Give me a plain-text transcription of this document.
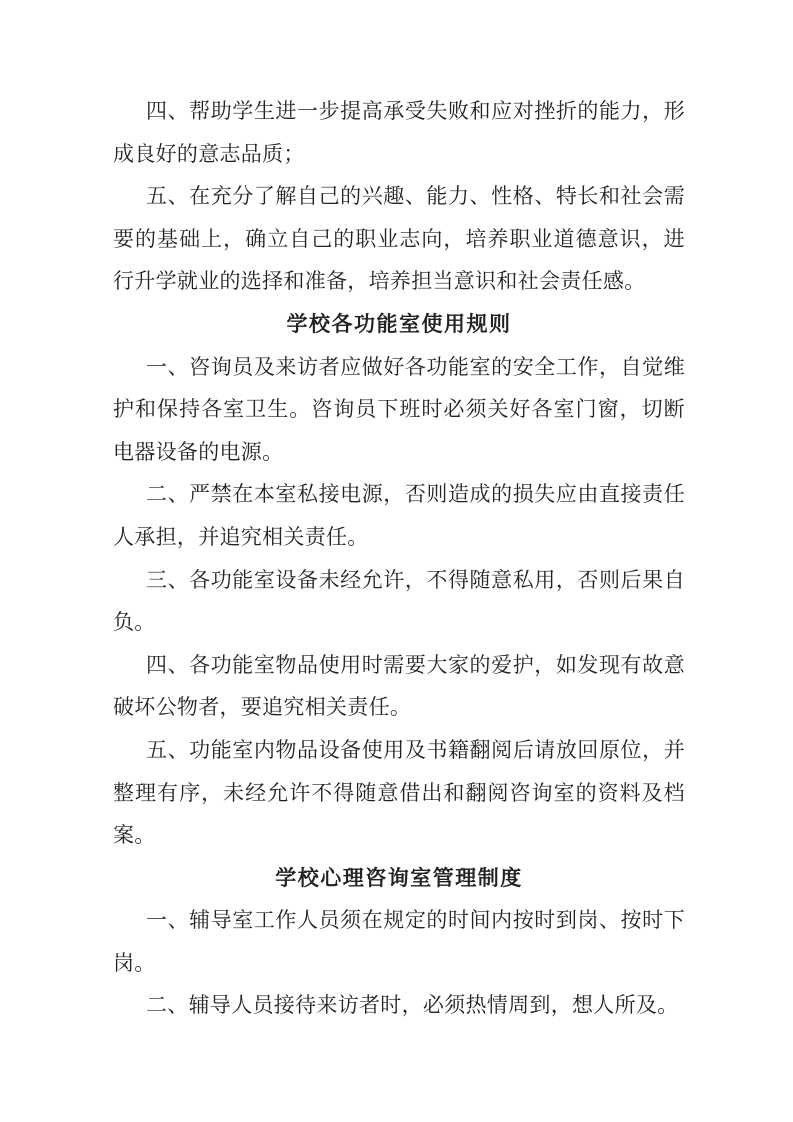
四、帮助学生进一步提高承受失败和应对挫折的能力，形成良好的意志品质；

五、在充分了解自己的兴趣、能力、性格、特长和社会需要的基础上，确立自己的职业志向，培养职业道德意识，进行升学就业的选择和准备，培养担当意识和社会责任感。

学校各功能室使用规则

一、咨询员及来访者应做好各功能室的安全工作，自觉维护和保持各室卫生。咨询员下班时必须关好各室门窗，切断电器设备的电源。

二、严禁在本室私接电源，否则造成的损失应由直接责任人承担，并追究相关责任。

三、各功能室设备未经允许，不得随意私用，否则后果自负。

四、各功能室物品使用时需要大家的爱护，如发现有故意破坏公物者，要追究相关责任。

五、功能室内物品设备使用及书籍翻阅后请放回原位，并整理有序，未经允许不得随意借出和翻阅咨询室的资料及档案。

学校心理咨询室管理制度

一、辅导室工作人员须在规定的时间内按时到岗、按时下岗。

二、辅导人员接待来访者时，必须热情周到，想人所及。
